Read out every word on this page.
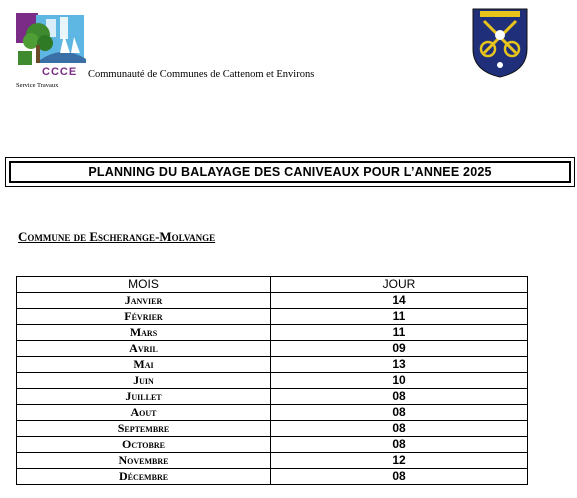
CCCE Communauté de Communes de Cattenom et Environs
Service Travaux
PLANNING DU BALAYAGE DES CANIVEAUX POUR L’ANNEE 2025
Commune de Escherange-Molvange
MOIS	JOUR
Janvier	14
Février	11
Mars	11
Avril	09
Mai	13
Juin	10
Juillet	08
Aout	08
Septembre	08
Octobre	08
Novembre	12
Décembre	08
